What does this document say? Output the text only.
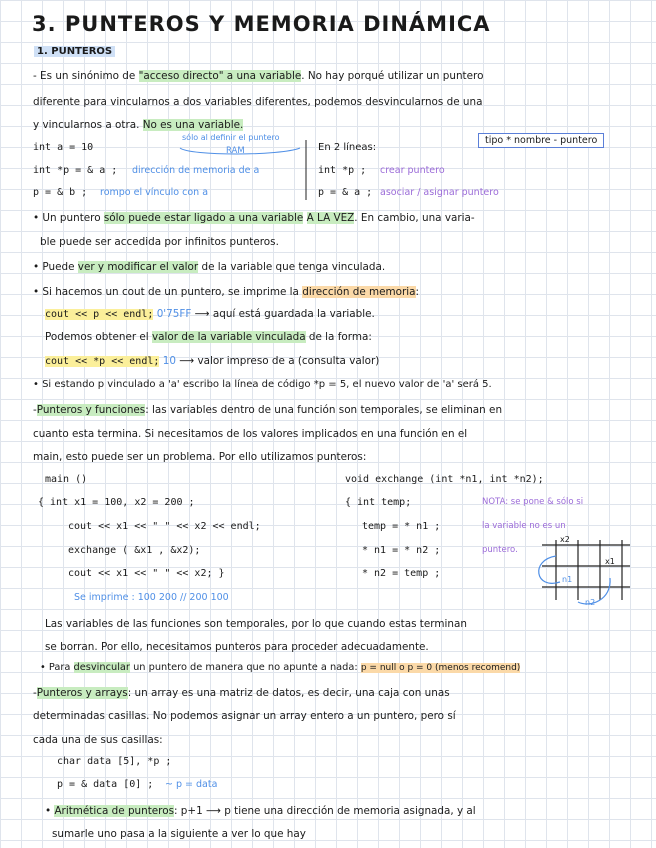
3. PUNTEROS Y MEMORIA DINÁMICA
1. PUNTEROS
- Es un sinónimo de "acceso directo" a una variable. No hay porqué utilizar un puntero
diferente para vincularnos a dos variables diferentes, podemos desvincularnos de una
y vincularnos a otra. No es una variable.
int a = 10
sólo al definir el puntero
RAM
int *p = & a ; dirección de memoria de a
p = & b ; rompo el vínculo con a
En 2 líneas:
int *p ; crear puntero
p = & a ; asociar / asignar puntero
tipo * nombre - puntero
• Un puntero sólo puede estar ligado a una variable A LA VEZ. En cambio, una varia-
ble puede ser accedida por infinitos punteros.
• Puede ver y modificar el valor de la variable que tenga vinculada.
• Si hacemos un cout de un puntero, se imprime la dirección de memoria:
cout << p << endl; 0'75FF ⟶ aquí está guardada la variable.
Podemos obtener el valor de la variable vinculada de la forma:
cout << *p << endl; 10 ⟶ valor impreso de a (consulta valor)
• Si estando p vinculado a 'a' escribo la línea de código *p = 5, el nuevo valor de 'a' será 5.
-Punteros y funciones: las variables dentro de una función son temporales, se eliminan en
cuanto esta termina. Si necesitamos de los valores implicados en una función en el
main, esto puede ser un problema. Por ello utilizamos punteros:
main ()
{ int x1 = 100, x2 = 200 ;
cout << x1 << " " << x2 << endl;
exchange ( &x1 , &x2);
cout << x1 << " " << x2; }
Se imprime : 100 200 // 200 100
void exchange (int *n1, int *n2);
{ int temp;
temp = * n1 ;
* n1 = * n2 ;
* n2 = temp ;
NOTA: se pone & sólo si
la variable no es un
puntero.
x2
x1
n1
n2
Las variables de las funciones son temporales, por lo que cuando estas terminan
se borran. Por ello, necesitamos punteros para proceder adecuadamente.
• Para desvincular un puntero de manera que no apunte a nada: p = null o p = 0 (menos recomend)
-Punteros y arrays: un array es una matriz de datos, es decir, una caja con unas
determinadas casillas. No podemos asignar un array entero a un puntero, pero sí
cada una de sus casillas:
char data [5], *p ;
p = & data [0] ; ~ p = data
• Aritmética de punteros: p+1 ⟶ p tiene una dirección de memoria asignada, y al
sumarle uno pasa a la siguiente a ver lo que hay
